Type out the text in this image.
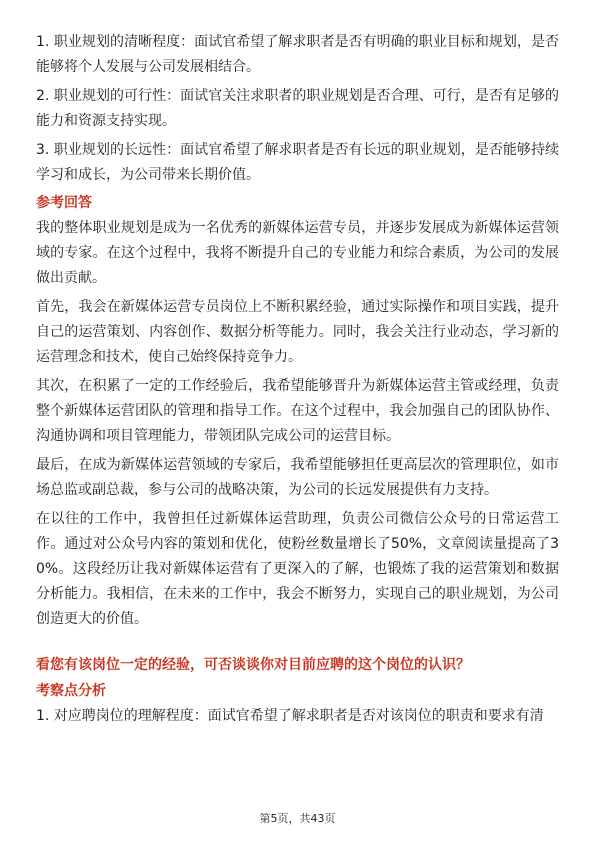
1. 职业规划的清晰程度：面试官希望了解求职者是否有明确的职业目标和规划，是否能够将个人发展与公司发展相结合。

2. 职业规划的可行性：面试官关注求职者的职业规划是否合理、可行，是否有足够的能力和资源支持实现。

3. 职业规划的长远性：面试官希望了解求职者是否有长远的职业规划，是否能够持续学习和成长，为公司带来长期价值。

参考回答

我的整体职业规划是成为一名优秀的新媒体运营专员，并逐步发展成为新媒体运营领域的专家。在这个过程中，我将不断提升自己的专业能力和综合素质，为公司的发展做出贡献。

首先，我会在新媒体运营专员岗位上不断积累经验，通过实际操作和项目实践，提升自己的运营策划、内容创作、数据分析等能力。同时，我会关注行业动态，学习新的运营理念和技术，使自己始终保持竞争力。

其次，在积累了一定的工作经验后，我希望能够晋升为新媒体运营主管或经理，负责整个新媒体运营团队的管理和指导工作。在这个过程中，我会加强自己的团队协作、沟通协调和项目管理能力，带领团队完成公司的运营目标。

最后，在成为新媒体运营领域的专家后，我希望能够担任更高层次的管理职位，如市场总监或副总裁，参与公司的战略决策，为公司的长远发展提供有力支持。

在以往的工作中，我曾担任过新媒体运营助理，负责公司微信公众号的日常运营工作。通过对公众号内容的策划和优化，使粉丝数量增长了50%，文章阅读量提高了30%。这段经历让我对新媒体运营有了更深入的了解，也锻炼了我的运营策划和数据分析能力。我相信，在未来的工作中，我会不断努力，实现自己的职业规划，为公司创造更大的价值。

看您有该岗位一定的经验，可否谈谈你对目前应聘的这个岗位的认识？
考察点分析

1. 对应聘岗位的理解程度：面试官希望了解求职者是否对该岗位的职责和要求有清

第5页，共43页
